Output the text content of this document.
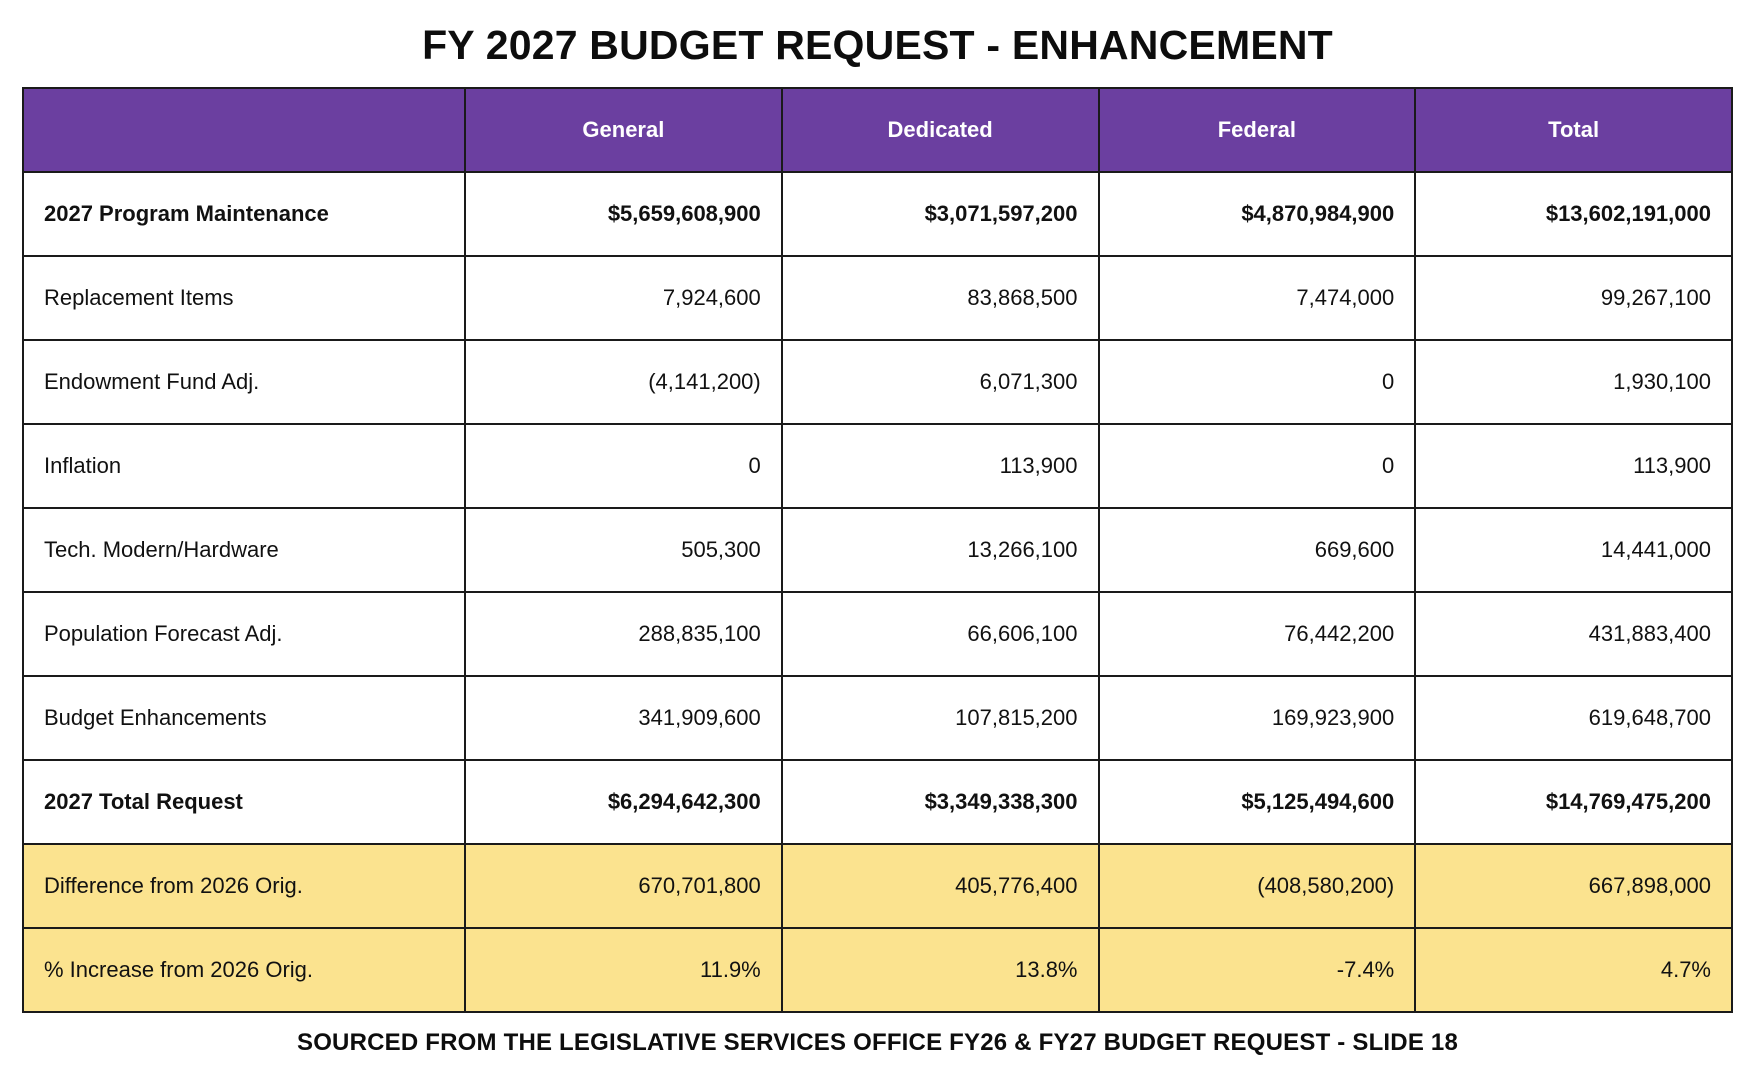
FY 2027 BUDGET REQUEST - ENHANCEMENT
	General	Dedicated	Federal	Total
2027 Program Maintenance	$5,659,608,900	$3,071,597,200	$4,870,984,900	$13,602,191,000
Replacement Items	7,924,600	83,868,500	7,474,000	99,267,100
Endowment Fund Adj.	(4,141,200)	6,071,300	0	1,930,100
Inflation	0	113,900	0	113,900
Tech. Modern/Hardware	505,300	13,266,100	669,600	14,441,000
Population Forecast Adj.	288,835,100	66,606,100	76,442,200	431,883,400
Budget Enhancements	341,909,600	107,815,200	169,923,900	619,648,700
2027 Total Request	$6,294,642,300	$3,349,338,300	$5,125,494,600	$14,769,475,200
Difference from 2026 Orig.	670,701,800	405,776,400	(408,580,200)	667,898,000
% Increase from 2026 Orig.	11.9%	13.8%	-7.4%	4.7%
SOURCED FROM THE LEGISLATIVE SERVICES OFFICE FY26 & FY27 BUDGET REQUEST - SLIDE 18
